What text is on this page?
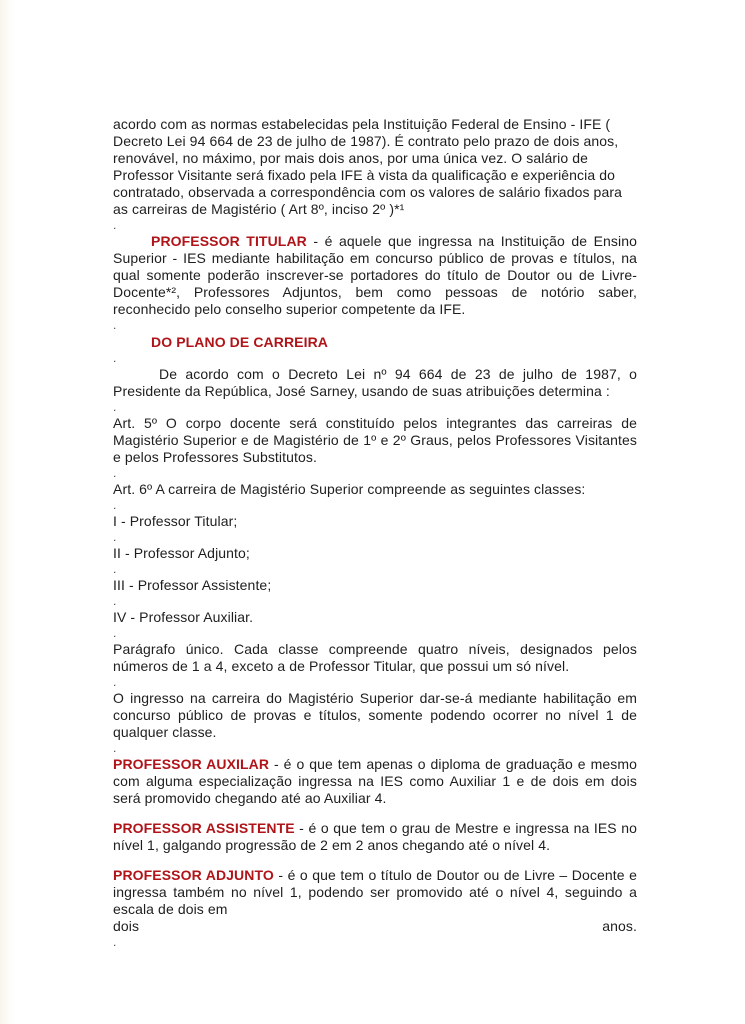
acordo com as normas estabelecidas pela Instituição Federal de Ensino - IFE ( Decreto Lei 94 664 de 23 de julho de 1987). É contrato pelo prazo de dois anos, renovável, no máximo, por mais dois anos, por uma única vez. O salário de Professor Visitante será fixado pela IFE à vista da qualificação e experiência do contratado, observada a correspondência com os valores de salário fixados para as carreiras de Magistério ( Art 8º, inciso 2º )*¹

.

PROFESSOR TITULAR - é aquele que ingressa na Instituição de Ensino Superior - IES mediante habilitação em concurso público de provas e títulos, na qual somente poderão inscrever-se portadores do título de Doutor ou de Livre-Docente*², Professores Adjuntos, bem como pessoas de notório saber, reconhecido pelo conselho superior competente da IFE.

.

DO PLANO DE CARREIRA

.

De acordo com o Decreto Lei nº 94 664 de 23 de julho de 1987, o Presidente da República, José Sarney, usando de suas atribuições determina :

.

Art. 5º O corpo docente será constituído pelos integrantes das carreiras de Magistério Superior e de Magistério de 1º e 2º Graus, pelos Professores Visitantes e pelos Professores Substitutos.

.

Art. 6º A carreira de Magistério Superior compreende as seguintes classes:

.

I - Professor Titular;

.

II - Professor Adjunto;

.

III - Professor Assistente;

.

IV - Professor Auxiliar.

.

Parágrafo único. Cada classe compreende quatro níveis, designados pelos números de 1 a 4, exceto a de Professor Titular, que possui um só nível.

.

O ingresso na carreira do Magistério Superior dar-se-á mediante habilitação em concurso público de provas e títulos, somente podendo ocorrer no nível 1 de qualquer classe.

.

PROFESSOR AUXILAR - é o que tem apenas o diploma de graduação e mesmo com alguma especialização ingressa na IES como Auxiliar 1 e de dois em dois será promovido chegando até ao Auxiliar 4.

PROFESSOR ASSISTENTE - é o que tem o grau de Mestre e ingressa na IES no nível 1, galgando progressão de 2 em 2 anos chegando até o nível 4.

PROFESSOR ADJUNTO - é o que tem o título de Doutor ou de Livre – Docente e ingressa também no nível 1, podendo ser promovido até o nível 4, seguindo a escala de dois em

dois	anos.
.
